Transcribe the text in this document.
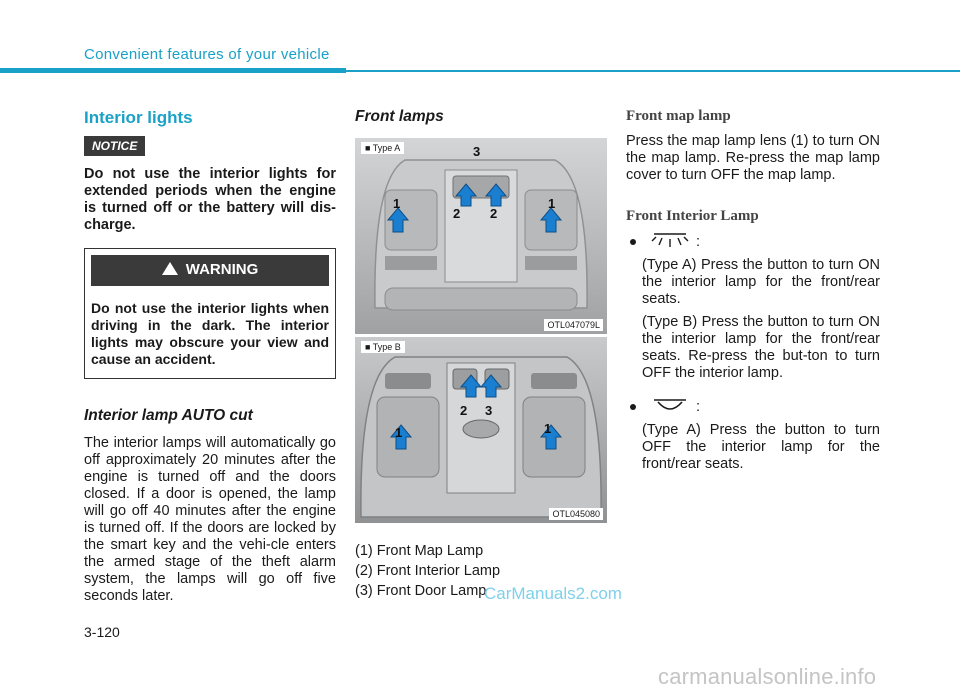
Convenient features of your vehicle
Interior lights
NOTICE

Do not use the interior lights for extended periods when the engine is turned off or the battery will dis-charge.

WARNING
Do not use the interior lights when driving in the dark. The interior lights may obscure your view and cause an accident.
Interior lamp AUTO cut

The interior lamps will automatically go off approximately 20 minutes after the engine is turned off and the doors closed. If a door is opened, the lamp will go off 40 minutes after the engine is turned off. If the doors are locked by the smart key and the vehi-cle enters the armed stage of the theft alarm system, the lamps will go off five seconds later.

Front lamps
1
2
3
2
1
■ Type A
OTL047079L
1
2 3
1
■ Type B
OTL045080
(1) Front Map Lamp
(2) Front Interior Lamp
(3) Front Door Lamp
Front map lamp

Press the map lamp lens (1) to turn ON the map lamp. Re-press the map lamp cover to turn OFF the map lamp.

Front Interior Lamp
:

(Type A) Press the button to turn ON the interior lamp for the front/rear seats.

(Type B) Press the button to turn ON the interior lamp for the front/rear seats. Re-press the but-ton to turn OFF the interior lamp.

:

(Type A) Press the button to turn OFF the interior lamp for the front/rear seats.

CarManuals2.com
3-120
carmanualsonline.info
